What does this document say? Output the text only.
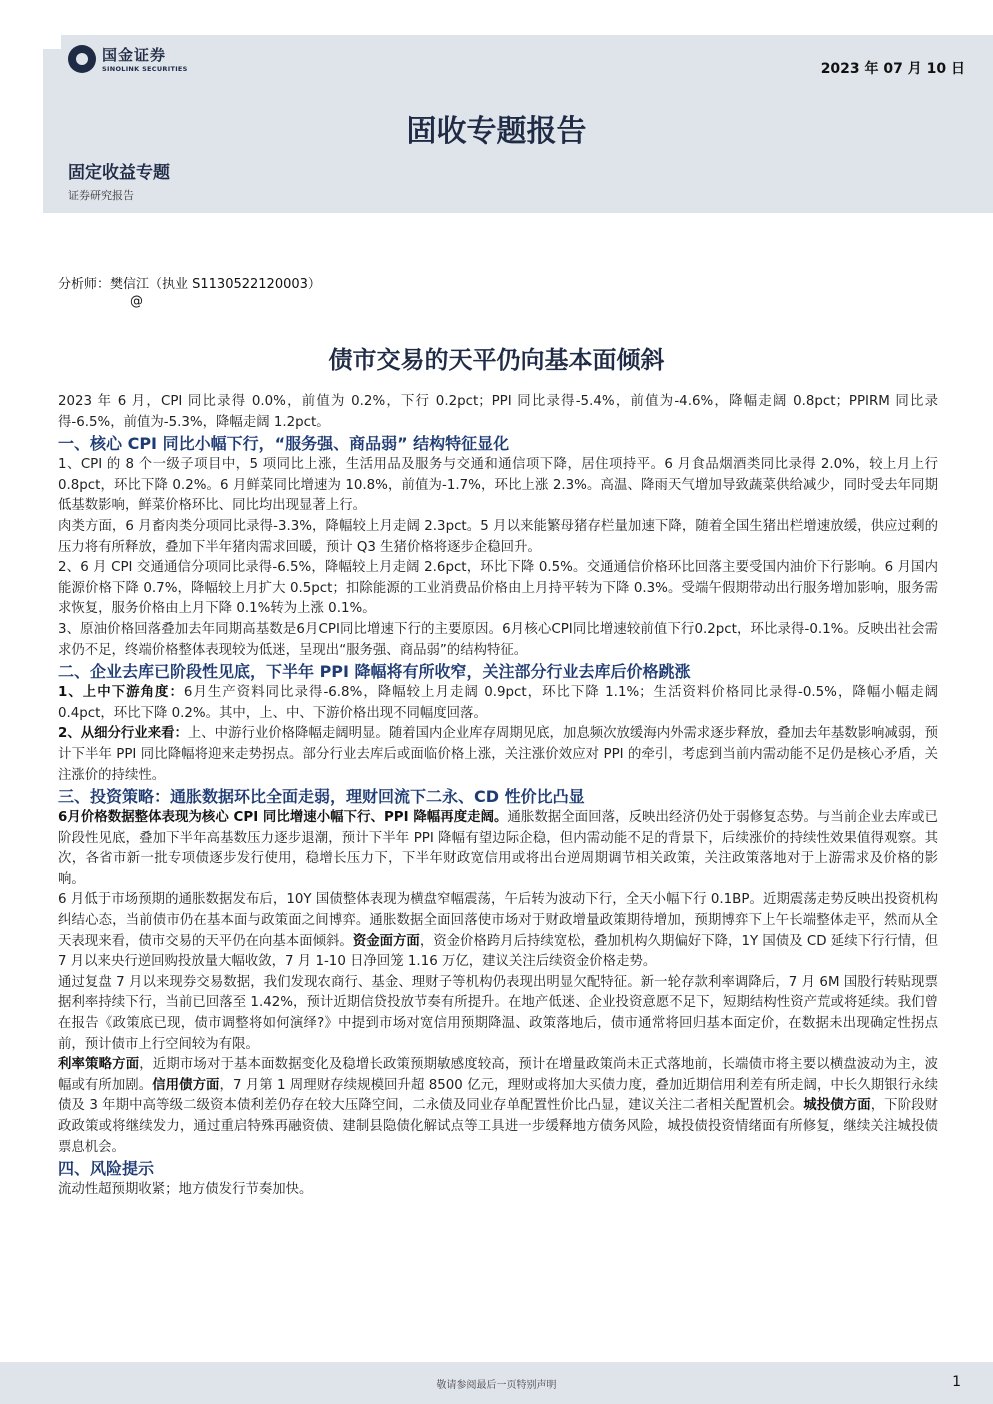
国金证券
SINOLINK SECURITIES	2023 年 07 月 10 日
固收专题报告
固定收益专题
证券研究报告
分析师：樊信江（执业 S1130522120003）
@
债市交易的天平仍向基本面倾斜

2023 年 6 月，CPI 同比录得 0.0%，前值为 0.2%，下行 0.2pct；PPI 同比录得-5.4%，前值为-4.6%，降幅走阔 0.8pct；PPIRM 同比录得-6.5%，前值为-5.3%，降幅走阔 1.2pct。

一、核心 CPI 同比小幅下行，“服务强、商品弱” 结构特征显化

1、CPI 的 8 个一级子项目中，5 项同比上涨，生活用品及服务与交通和通信项下降，居住项持平。6 月食品烟酒类同比录得 2.0%，较上月上行 0.8pct，环比下降 0.2%。6 月鲜菜同比增速为 10.8%，前值为-1.7%，环比上涨 2.3%。高温、降雨天气增加导致蔬菜供给减少，同时受去年同期低基数影响，鲜菜价格环比、同比均出现显著上行。

肉类方面，6 月畜肉类分项同比录得-3.3%，降幅较上月走阔 2.3pct。5 月以来能繁母猪存栏量加速下降，随着全国生猪出栏增速放缓，供应过剩的压力将有所释放，叠加下半年猪肉需求回暖，预计 Q3 生猪价格将逐步企稳回升。

2、6 月 CPI 交通通信分项同比录得-6.5%，降幅较上月走阔 2.6pct，环比下降 0.5%。交通通信价格环比回落主要受国内油价下行影响。6 月国内能源价格下降 0.7%，降幅较上月扩大 0.5pct；扣除能源的工业消费品价格由上月持平转为下降 0.3%。受端午假期带动出行服务增加影响，服务需求恢复，服务价格由上月下降 0.1%转为上涨 0.1%。

3、原油价格回落叠加去年同期高基数是6月CPI同比增速下行的主要原因。6月核心CPI同比增速较前值下行0.2pct，环比录得-0.1%。反映出社会需求仍不足，终端价格整体表现较为低迷，呈现出“服务强、商品弱”的结构特征。

二、企业去库已阶段性见底，下半年 PPI 降幅将有所收窄，关注部分行业去库后价格跳涨

1、上中下游角度：6月生产资料同比录得-6.8%，降幅较上月走阔 0.9pct，环比下降 1.1%；生活资料价格同比录得-0.5%，降幅小幅走阔 0.4pct，环比下降 0.2%。其中，上、中、下游价格出现不同幅度回落。

2、从细分行业来看：上、中游行业价格降幅走阔明显。随着国内企业库存周期见底，加息频次放缓海内外需求逐步释放，叠加去年基数影响减弱，预计下半年 PPI 同比降幅将迎来走势拐点。部分行业去库后或面临价格上涨，关注涨价效应对 PPI 的牵引，考虑到当前内需动能不足仍是核心矛盾，关注涨价的持续性。

三、投资策略：通胀数据环比全面走弱，理财回流下二永、CD 性价比凸显

6月价格数据整体表现为核心 CPI 同比增速小幅下行、PPI 降幅再度走阔。通胀数据全面回落，反映出经济仍处于弱修复态势。与当前企业去库或已阶段性见底，叠加下半年高基数压力逐步退潮，预计下半年 PPI 降幅有望边际企稳，但内需动能不足的背景下，后续涨价的持续性效果值得观察。其次，各省市新一批专项债逐步发行使用，稳增长压力下，下半年财政宽信用或将出台逆周期调节相关政策，关注政策落地对于上游需求及价格的影响。

6 月低于市场预期的通胀数据发布后，10Y 国债整体表现为横盘窄幅震荡，午后转为波动下行，全天小幅下行 0.1BP。近期震荡走势反映出投资机构纠结心态，当前债市仍在基本面与政策面之间博弈。通胀数据全面回落使市场对于财政增量政策期待增加，预期博弈下上午长端整体走平，然而从全天表现来看，债市交易的天平仍在向基本面倾斜。资金面方面，资金价格跨月后持续宽松，叠加机构久期偏好下降，1Y 国债及 CD 延续下行行情，但 7 月以来央行逆回购投放量大幅收敛，7 月 1-10 日净回笼 1.16 万亿，建议关注后续资金价格走势。

通过复盘 7 月以来现券交易数据，我们发现农商行、基金、理财子等机构仍表现出明显欠配特征。新一轮存款利率调降后，7 月 6M 国股行转贴现票据利率持续下行，当前已回落至 1.42%，预计近期信贷投放节奏有所提升。在地产低迷、企业投资意愿不足下，短期结构性资产荒或将延续。我们曾在报告《政策底已现，债市调整将如何演绎?》中提到市场对宽信用预期降温、政策落地后，债市通常将回归基本面定价，在数据未出现确定性拐点前，预计债市上行空间较为有限。

利率策略方面，近期市场对于基本面数据变化及稳增长政策预期敏感度较高，预计在增量政策尚未正式落地前，长端债市将主要以横盘波动为主，波幅或有所加剧。信用债方面，7 月第 1 周理财存续规模回升超 8500 亿元，理财或将加大买债力度，叠加近期信用利差有所走阔，中长久期银行永续债及 3 年期中高等级二级资本债利差仍存在较大压降空间，二永债及同业存单配置性价比凸显，建议关注二者相关配置机会。城投债方面，下阶段财政政策或将继续发力，通过重启特殊再融资债、建制县隐债化解试点等工具进一步缓释地方债务风险，城投债投资情绪面有所修复，继续关注城投债票息机会。

四、风险提示

流动性超预期收紧；地方债发行节奏加快。

敬请参阅最后一页特别声明	1
